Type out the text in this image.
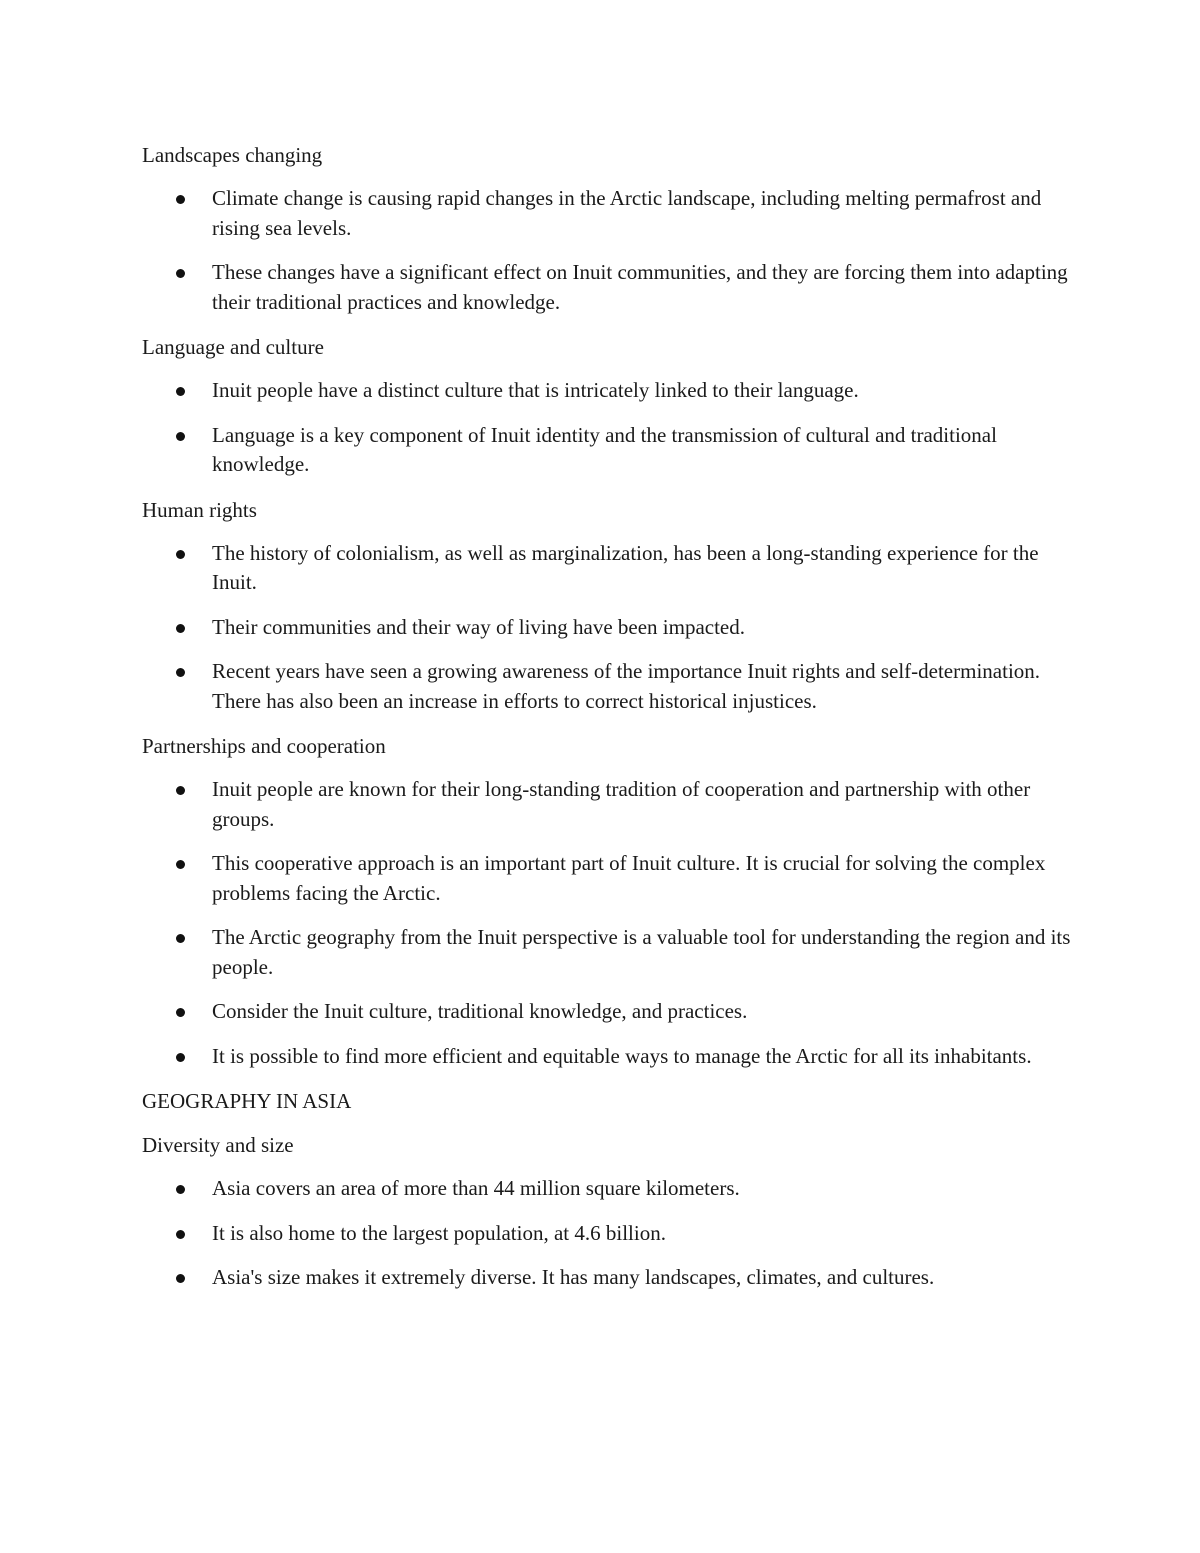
Landscapes changing

Climate change is causing rapid changes in the Arctic landscape, including melting permafrost and rising sea levels.
These changes have a significant effect on Inuit communities, and they are forcing them into adapting their traditional practices and knowledge.

Language and culture

Inuit people have a distinct culture that is intricately linked to their language.
Language is a key component of Inuit identity and the transmission of cultural and traditional knowledge.

Human rights

The history of colonialism, as well as marginalization, has been a long-standing experience for the Inuit.
Their communities and their way of living have been impacted.
Recent years have seen a growing awareness of the importance Inuit rights and self-determination. There has also been an increase in efforts to correct historical injustices.

Partnerships and cooperation

Inuit people are known for their long-standing tradition of cooperation and partnership with other groups.
This cooperative approach is an important part of Inuit culture. It is crucial for solving the complex problems facing the Arctic.
The Arctic geography from the Inuit perspective is a valuable tool for understanding the region and its people.
Consider the Inuit culture, traditional knowledge, and practices.
It is possible to find more efficient and equitable ways to manage the Arctic for all its inhabitants.

GEOGRAPHY IN ASIA

Diversity and size

Asia covers an area of more than 44 million square kilometers.
It is also home to the largest population, at 4.6 billion.
Asia's size makes it extremely diverse. It has many landscapes, climates, and cultures.
